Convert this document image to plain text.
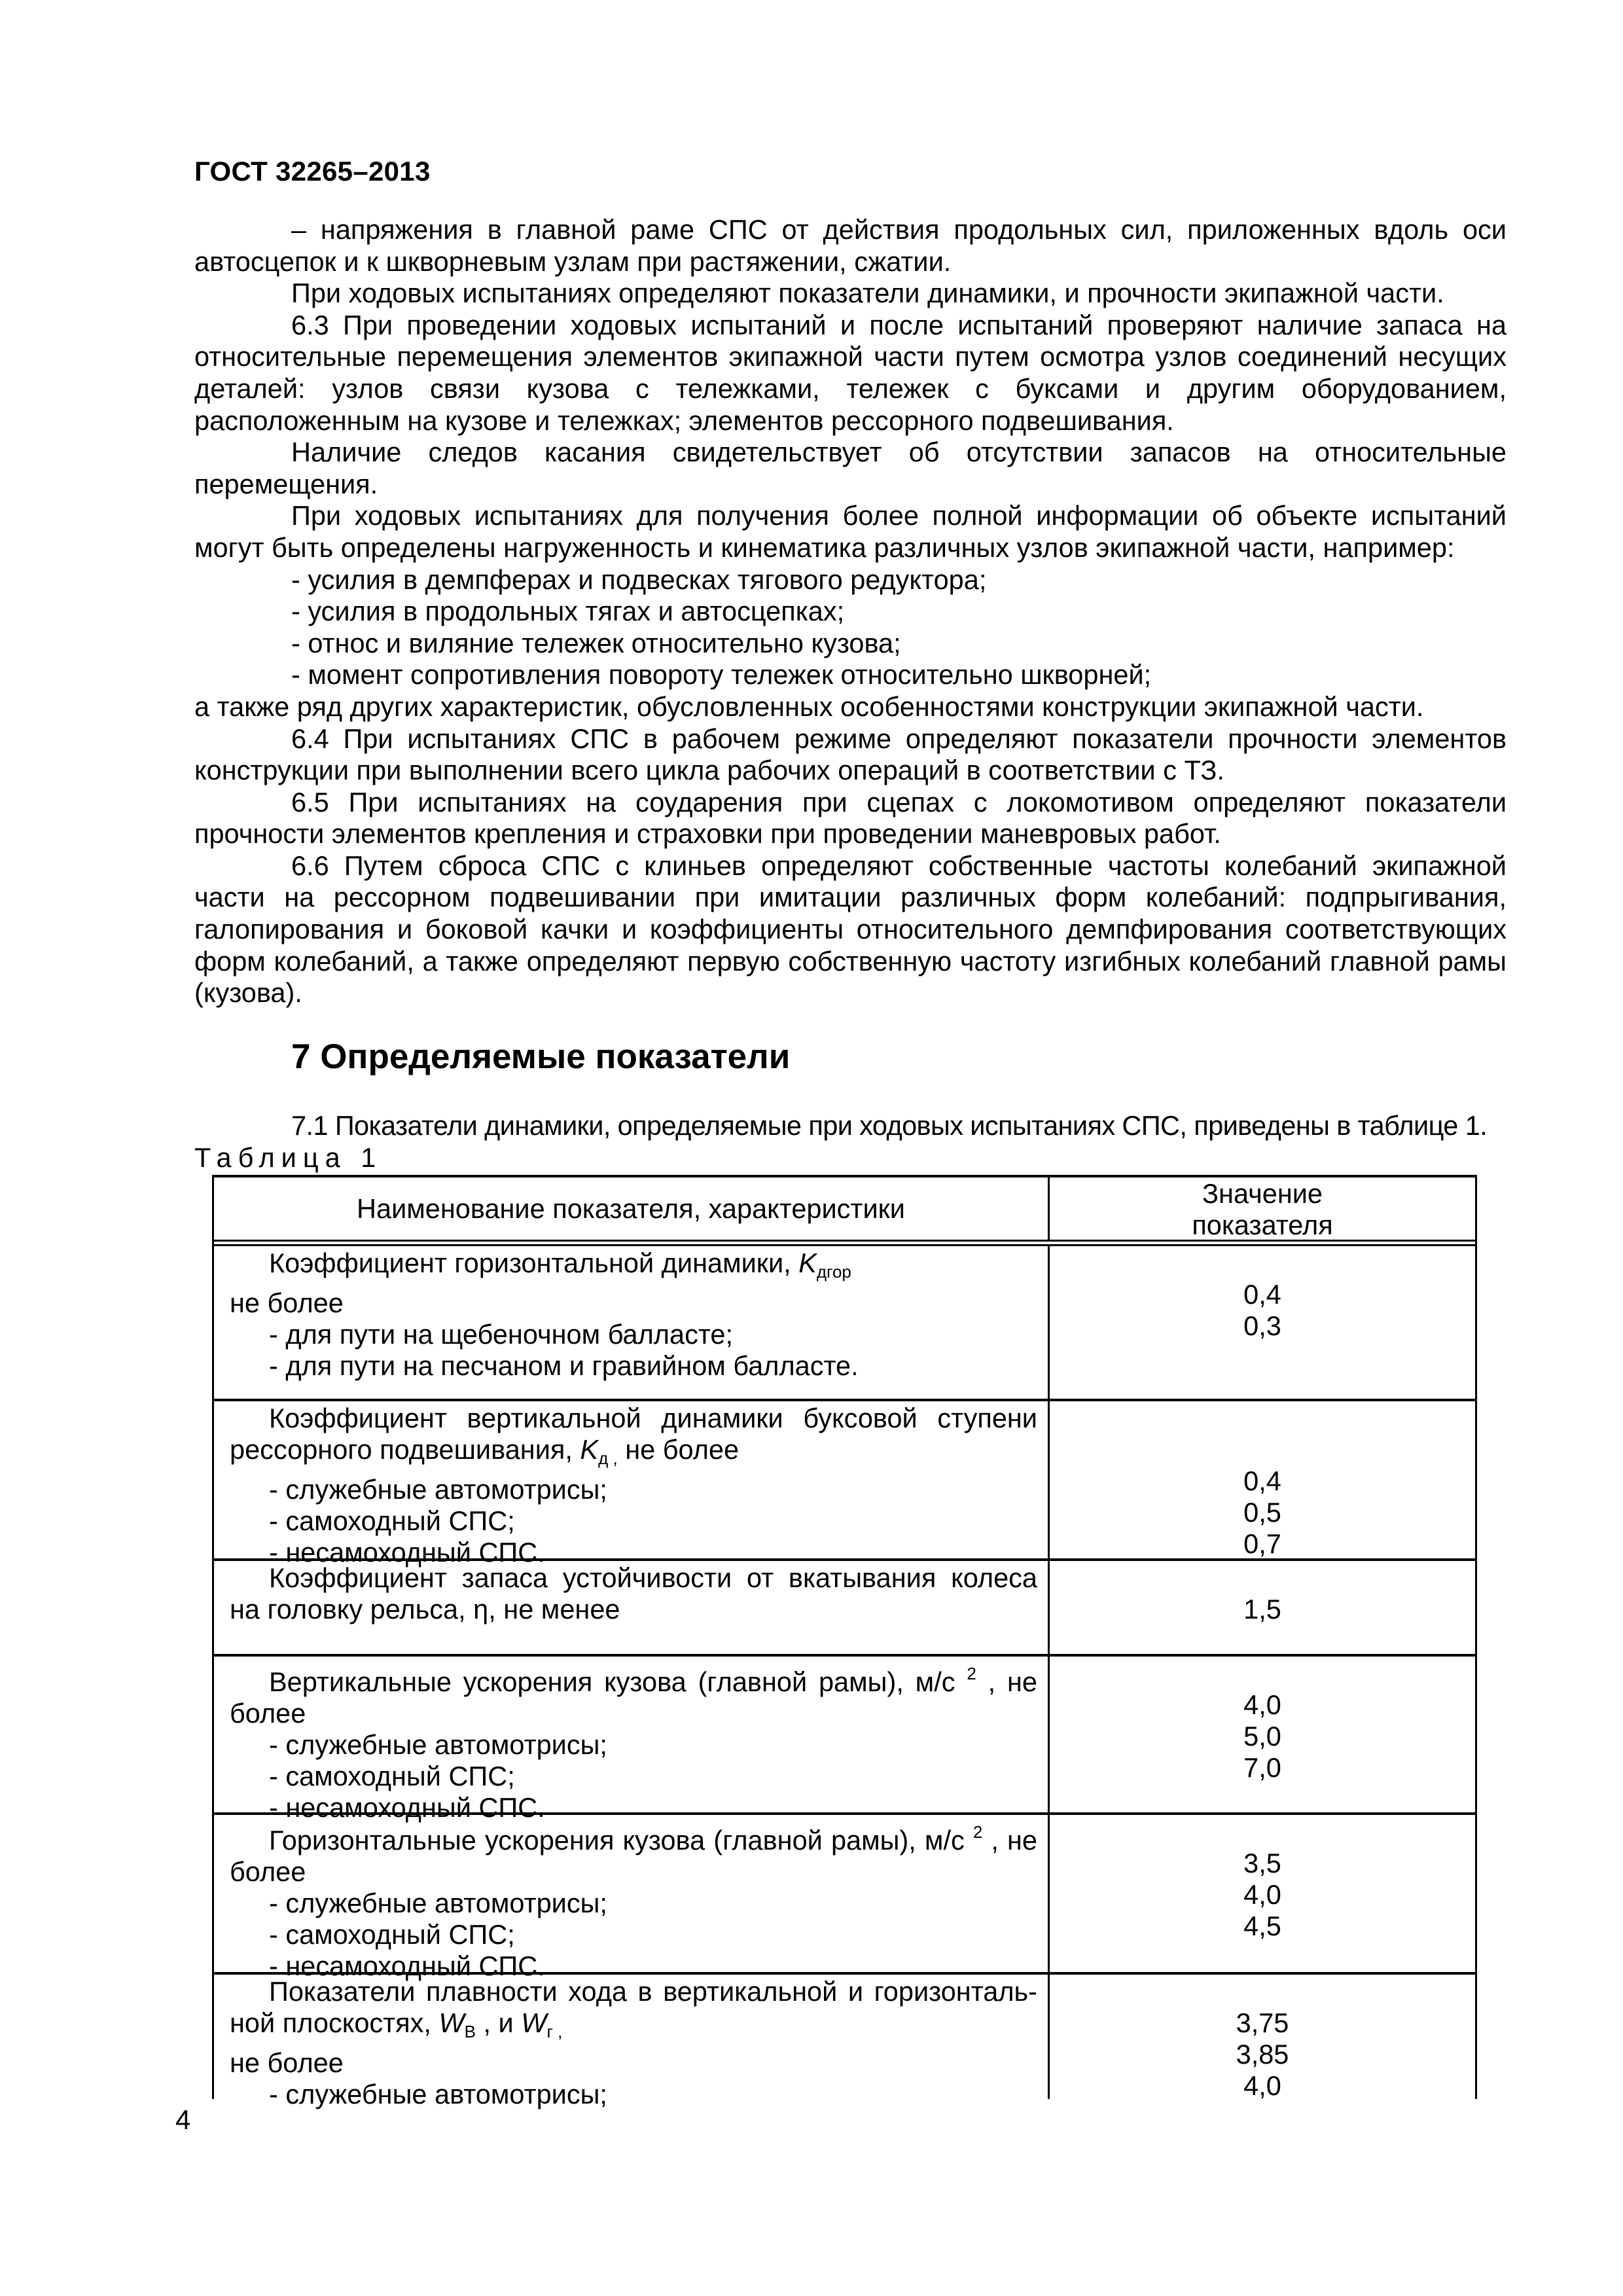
ГОСТ 32265–2013

– напряжения в главной раме СПС от действия продольных сил, приложенных вдоль оси автосцепок и к шкворневым узлам при растяжении, сжатии.

При ходовых испытаниях определяют показатели динамики, и прочности экипажной части.

6.3 При проведении ходовых испытаний и после испытаний проверяют наличие запаса на относительные перемещения элементов экипажной части путем осмотра узлов соединений несущих деталей: узлов связи кузова с тележками, тележек с буксами и другим оборудованием, расположенным на кузове и тележках; элементов рессорного подвешивания.

Наличие следов касания свидетельствует об отсутствии запасов на относительные перемещения.

При ходовых испытаниях для получения более полной информации об объекте испытаний могут быть определены нагруженность и кинематика различных узлов экипажной части, например:

- усилия в демпферах и подвесках тягового редуктора;

- усилия в продольных тягах и автосцепках;

- относ и виляние тележек относительно кузова;

- момент сопротивления повороту тележек относительно шкворней;

а также ряд других характеристик, обусловленных особенностями конструкции экипажной части.

6.4 При испытаниях СПС в рабочем режиме определяют показатели прочности элементов конструкции при выполнении всего цикла рабочих операций в соответствии с ТЗ.

6.5 При испытаниях на соударения при сцепах с локомотивом определяют показатели прочности элементов крепления и страховки при проведении маневровых работ.

6.6 Путем сброса СПС с клиньев определяют собственные частоты колебаний экипажной части на рессорном подвешивании при имитации различных форм колебаний: подпрыгивания, галопирования и боковой качки и коэффициенты относительного демпфирования соответствующих форм колебаний, а также определяют первую собственную частоту изгибных колебаний главной рамы (кузова).

7 Определяемые показатели
7.1 Показатели динамики, определяемые при ходовых испытаниях СПС, приведены в таблице 1.
Таблица 1
Наименование показателя, характеристики	Значение
показателя

Коэффициент горизонтальной динамики, $K_{дгор}$

не более

- для пути на щебеночном балласте;

- для пути на песчаном и гравийном балласте.

0,4

0,3

Коэффициент вертикальной динамики буксовой ступени

рессорного подвешивания, $K_{д ,}$ не более

- служебные автомотрисы;

- самоходный СПС;

- несамоходный СПС.

0,4

0,5

0,7

Коэффициент запаса устойчивости от вкатывания колеса

на головку рельса, η, не менее

	1,5

Вертикальные ускорения кузова (главной рамы), м/с $^2$ , не

более

- служебные автомотрисы;

- самоходный СПС;

- несамоходный СПС.

4,0

5,0

7,0

Горизонтальные ускорения кузова (главной рамы), м/с $^2$ , не

более

- служебные автомотрисы;

- самоходный СПС;

- несамоходный СПС.

3,5

4,0

4,5

Показатели плавности хода в вертикальной и горизонталь-

ной плоскостях, $W_В$ , и $W_{г ,}$

не более

- служебные автомотрисы;

3,75

3,85

4,0

4
